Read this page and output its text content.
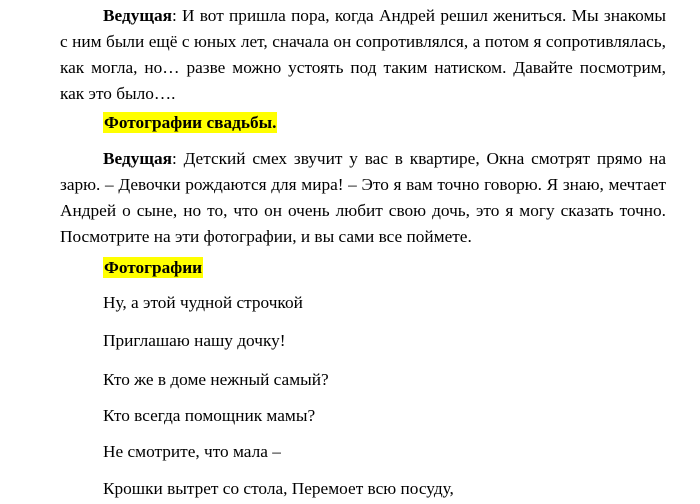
Ведущая: И вот пришла пора, когда Андрей решил жениться. Мы знакомы с ним были ещё с юных лет, сначала он сопротивлялся, а потом я сопротивлялась, как могла, но… разве можно устоять под таким натиском. Давайте посмотрим, как это было….

Фотографии свадьбы.

Ведущая: Детский смех звучит у вас в квартире, Окна смотрят прямо на зарю. – Девочки рождаются для мира! – Это я вам точно говорю. Я знаю, мечтает Андрей о сыне, но то, что он очень любит свою дочь, это я могу сказать точно. Посмотрите на эти фотографии, и вы сами все поймете.

Фотографии

Ну, а этой чудной строчкой

Приглашаю нашу дочку!

Кто же в доме нежный самый?

Кто всегда помощник мамы?

Не смотрите, что мала –

Крошки вытрет со стола, Перемоет всю посуду,
